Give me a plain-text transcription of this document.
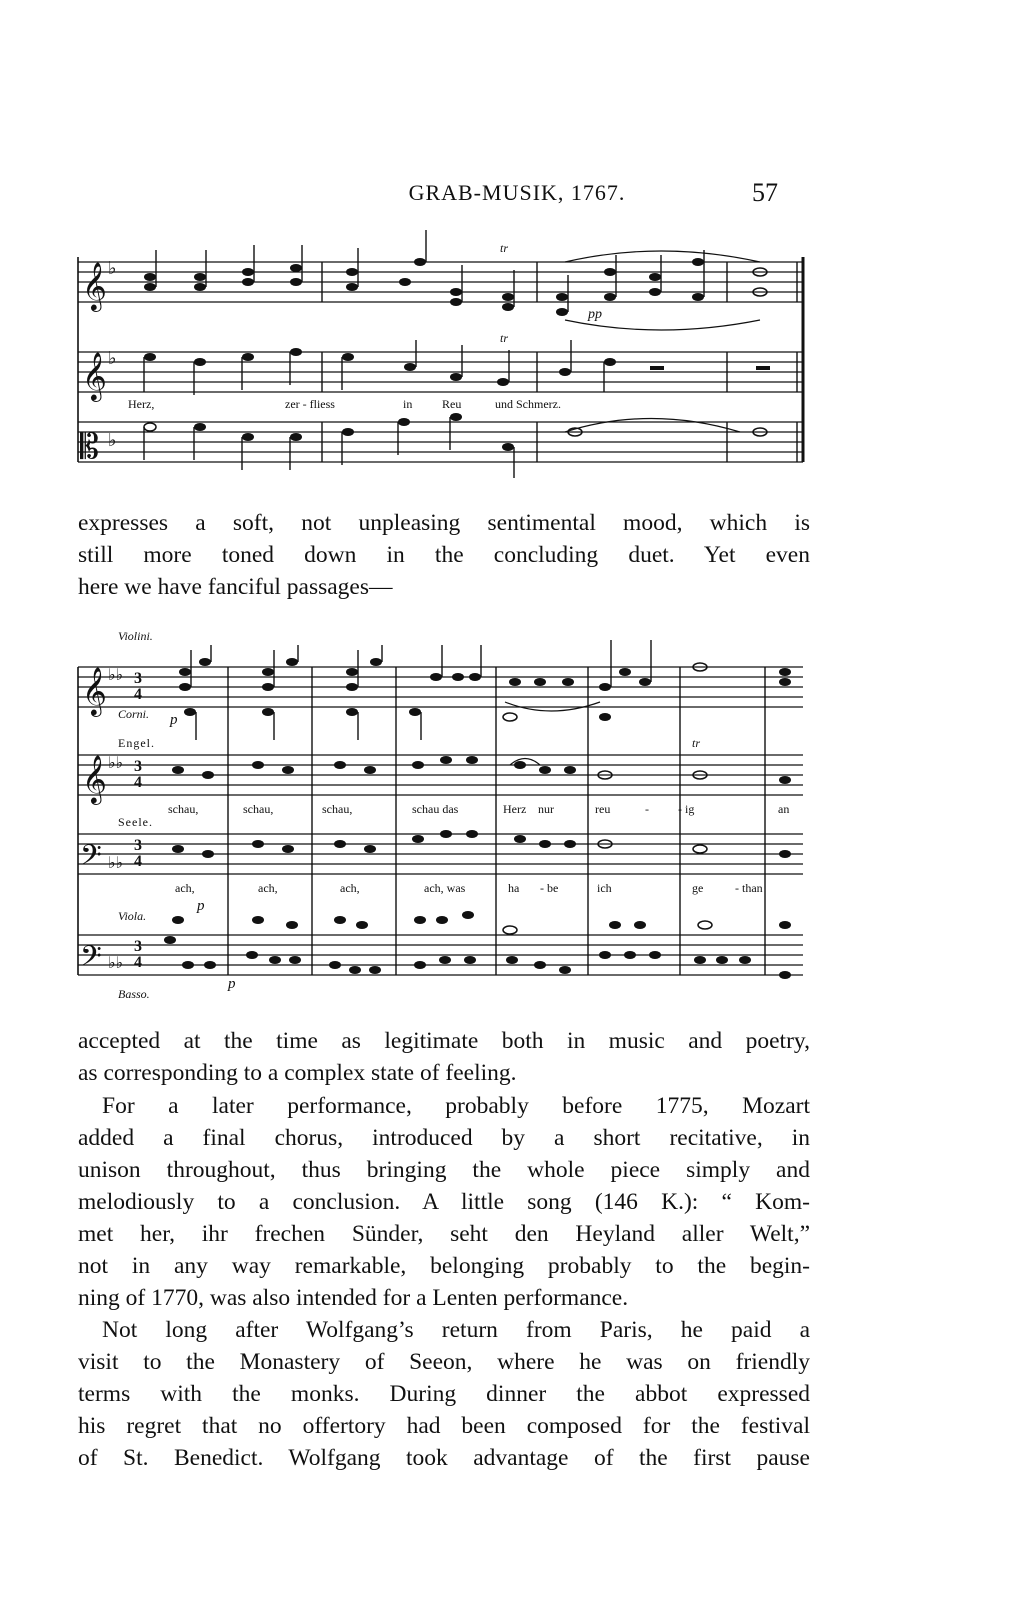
GRAB-MUSIK, 1767.	57
𝄞
𝄞
𝄡
♭
♭
♭
tr
tr
pp
Herz,	zer - fliess	in Reu	und Schmerz.

expresses a soft, not unpleasing sentimental mood, which is
still more toned down in the concluding duet. Yet even
here we have fanciful passages—

𝄞
𝄞
𝄢
𝄢
♭♭
♭♭
♭♭
♭♭
3
4
3
4
3
4
3
4
Violini.
Corni.
Viola.
Basso.
Engel.
Seele.
p
p
p
tr
schau,	schau,	schau,	schau das	Herz nur	reu	- - ig	an
ach,	ach,	ach,	ach, was	ha - be	ich	ge	- than

accepted at the time as legitimate both in music and poetry,
as corresponding to a complex state of feeling.

For a later performance, probably before 1775, Mozart
added a final chorus, introduced by a short recitative, in
unison throughout, thus bringing the whole piece simply and
melodiously to a conclusion. A little song (146 K.): “ Kom-
met her, ihr frechen Sünder, seht den Heyland aller Welt,”
not in any way remarkable, belonging probably to the begin-
ning of 1770, was also intended for a Lenten performance.

Not long after Wolfgang’s return from Paris, he paid a
visit to the Monastery of Seeon, where he was on friendly
terms with the monks. During dinner the abbot expressed
his regret that no offertory had been composed for the festival
of St. Benedict. Wolfgang took advantage of the first pause
